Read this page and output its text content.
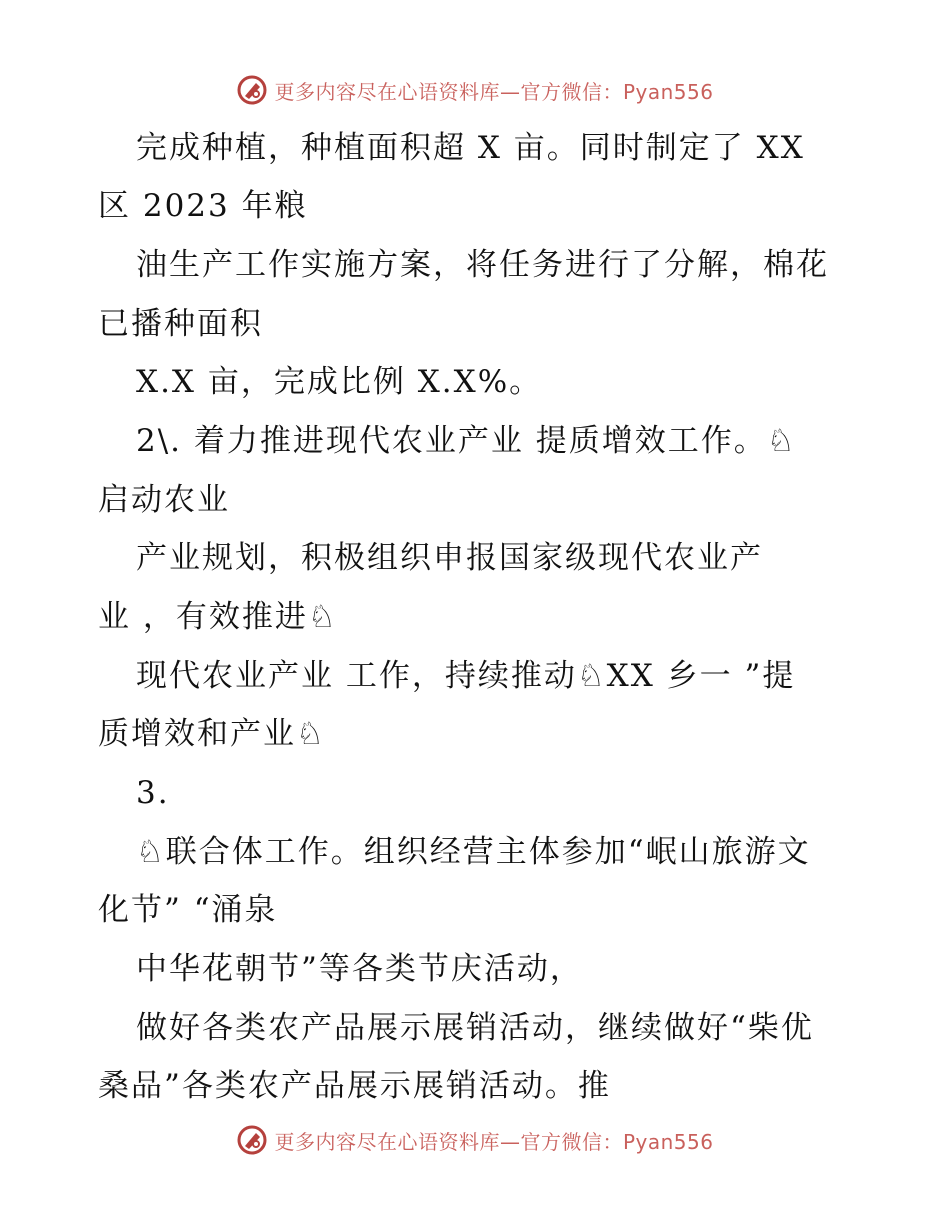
更多内容尽在心语资料库—官方微信：Pyan556
完成种植，种植面积超 X 亩。同时制定了 XX
区 2023 年粮
油生产工作实施方案，将任务进行了分解，棉花
已播种面积
X.X 亩，完成比例 X.X%。
2\. 着力推进现代农业产业 提质增效工作。♘
启动农业
产业规划，积极组织申报国家级现代农业产
业 ，有效推进♘
现代农业产业 工作，持续推动♘XX 乡一 ”提
质增效和产业♘
3.
♘联合体工作。组织经营主体参加“岷山旅游文
化节” “涌泉
中华花朝节”等各类节庆活动，
做好各类农产品展示展销活动，继续做好“柴优
桑品”各类农产品展示展销活动。推
更多内容尽在心语资料库—官方微信：Pyan556
